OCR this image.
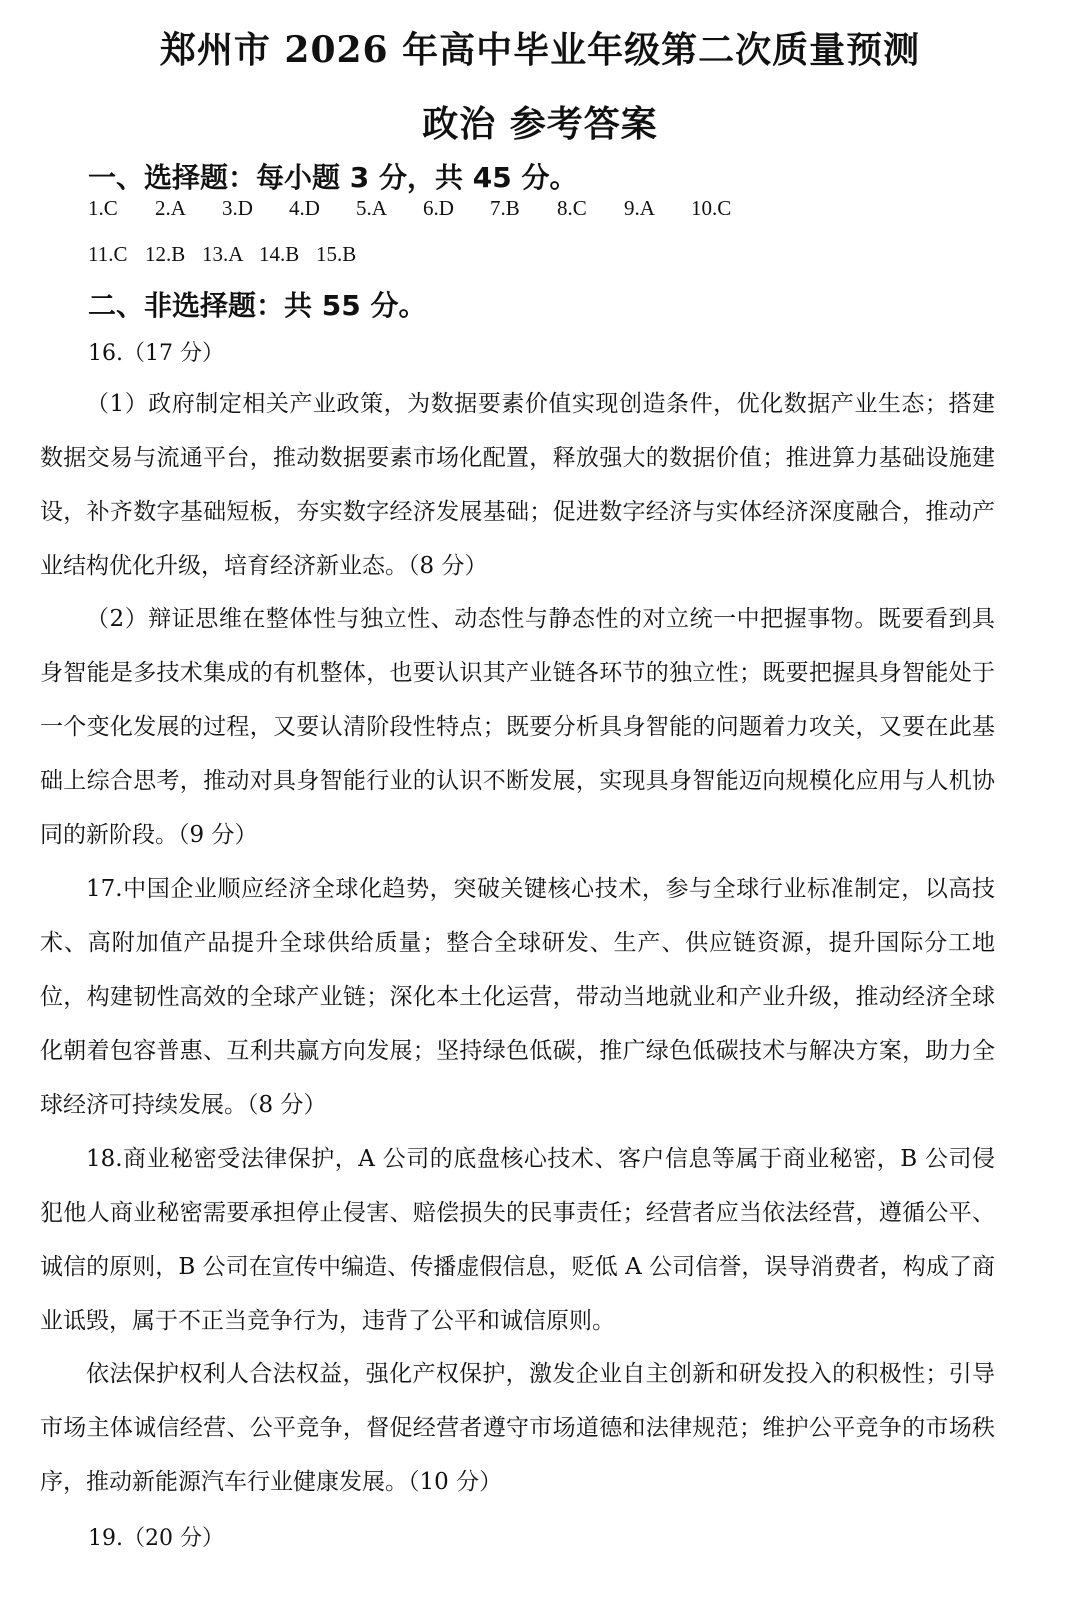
郑州市 2026 年高中毕业年级第二次质量预测
政治 参考答案
一、选择题：每小题 3 分，共 45 分。
1.C	2.A	3.D	4.D	5.A	6.D	7.B	8.C	9.A	10.C
11.C 12.B 13.A 14.B 15.B
二、非选择题：共 55 分。
16.（17 分）

（1）政府制定相关产业政策，为数据要素价值实现创造条件，优化数据产业生态；搭建数据交易与流通平台，推动数据要素市场化配置，释放强大的数据价值；推进算力基础设施建设，补齐数字基础短板，夯实数字经济发展基础；促进数字经济与实体经济深度融合，推动产业结构优化升级，培育经济新业态。（8 分）

（2）辩证思维在整体性与独立性、动态性与静态性的对立统一中把握事物。既要看到具身智能是多技术集成的有机整体，也要认识其产业链各环节的独立性；既要把握具身智能处于一个变化发展的过程，又要认清阶段性特点；既要分析具身智能的问题着力攻关，又要在此基础上综合思考，推动对具身智能行业的认识不断发展，实现具身智能迈向规模化应用与人机协同的新阶段。（9 分）

17.中国企业顺应经济全球化趋势，突破关键核心技术，参与全球行业标准制定，以高技术、高附加值产品提升全球供给质量；整合全球研发、生产、供应链资源，提升国际分工地位，构建韧性高效的全球产业链；深化本土化运营，带动当地就业和产业升级，推动经济全球化朝着包容普惠、互利共赢方向发展；坚持绿色低碳，推广绿色低碳技术与解决方案，助力全球经济可持续发展。（8 分）

18.商业秘密受法律保护，A 公司的底盘核心技术、客户信息等属于商业秘密，B 公司侵犯他人商业秘密需要承担停止侵害、赔偿损失的民事责任；经营者应当依法经营，遵循公平、诚信的原则，B 公司在宣传中编造、传播虚假信息，贬低 A 公司信誉，误导消费者，构成了商业诋毁，属于不正当竞争行为，违背了公平和诚信原则。

依法保护权利人合法权益，强化产权保护，激发企业自主创新和研发投入的积极性；引导市场主体诚信经营、公平竞争，督促经营者遵守市场道德和法律规范；维护公平竞争的市场秩序，推动新能源汽车行业健康发展。（10 分）

19.（20 分）
